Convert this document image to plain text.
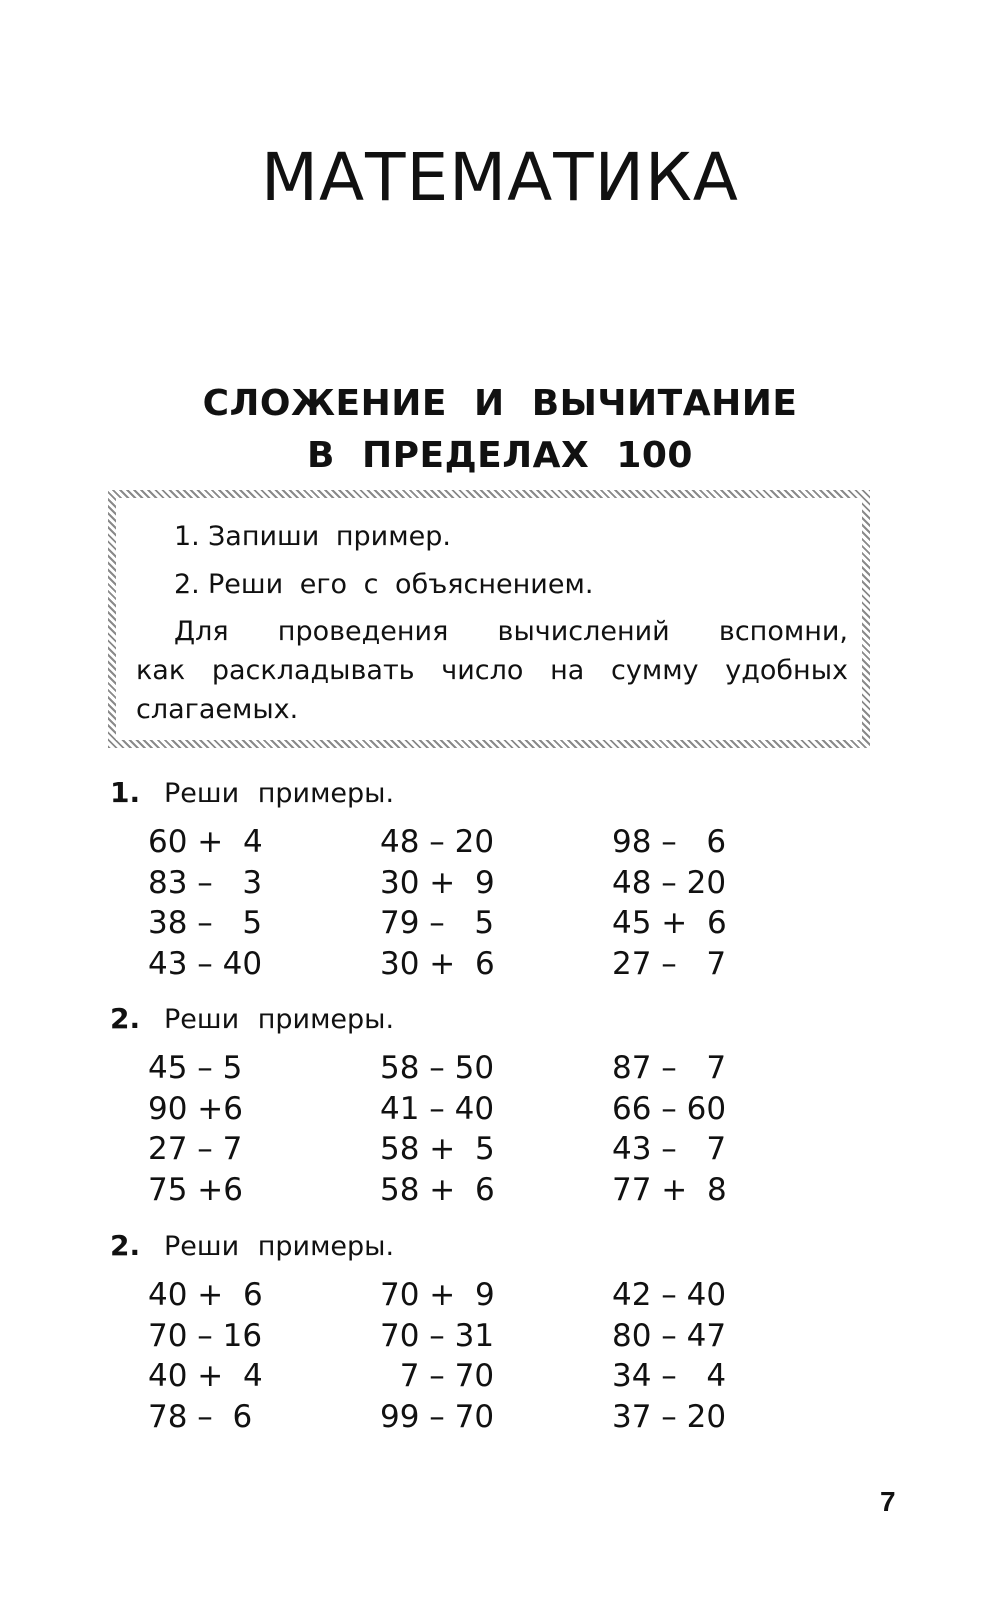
МАТЕМАТИКА
СЛОЖЕНИЕ И ВЫЧИТАНИЕ
В ПРЕДЕЛАХ 100

1. Запиши пример.

2. Реши его с объяснением.

Для проведения вычислений вспомни,
как раскладывать число на сумму удобных слагаемых.

1. Реши примеры.

60 +  4
83 –   3
38 –   5
43 – 40
48 – 20
30 +  9
79 –   5
30 +  6
98 –   6
48 – 20
45 +  6
27 –   7

2. Реши примеры.

45 – 5
90 +6
27 – 7
75 +6
58 – 50
41 – 40
58 +  5
58 +  6
87 –   7
66 – 60
43 –   7
77 +  8

2. Реши примеры.

40 +  6
70 – 16
40 +  4
78 –  6
70 +  9
70 – 31
7 – 70
99 – 70
42 – 40
80 – 47
34 –   4
37 – 20
7
